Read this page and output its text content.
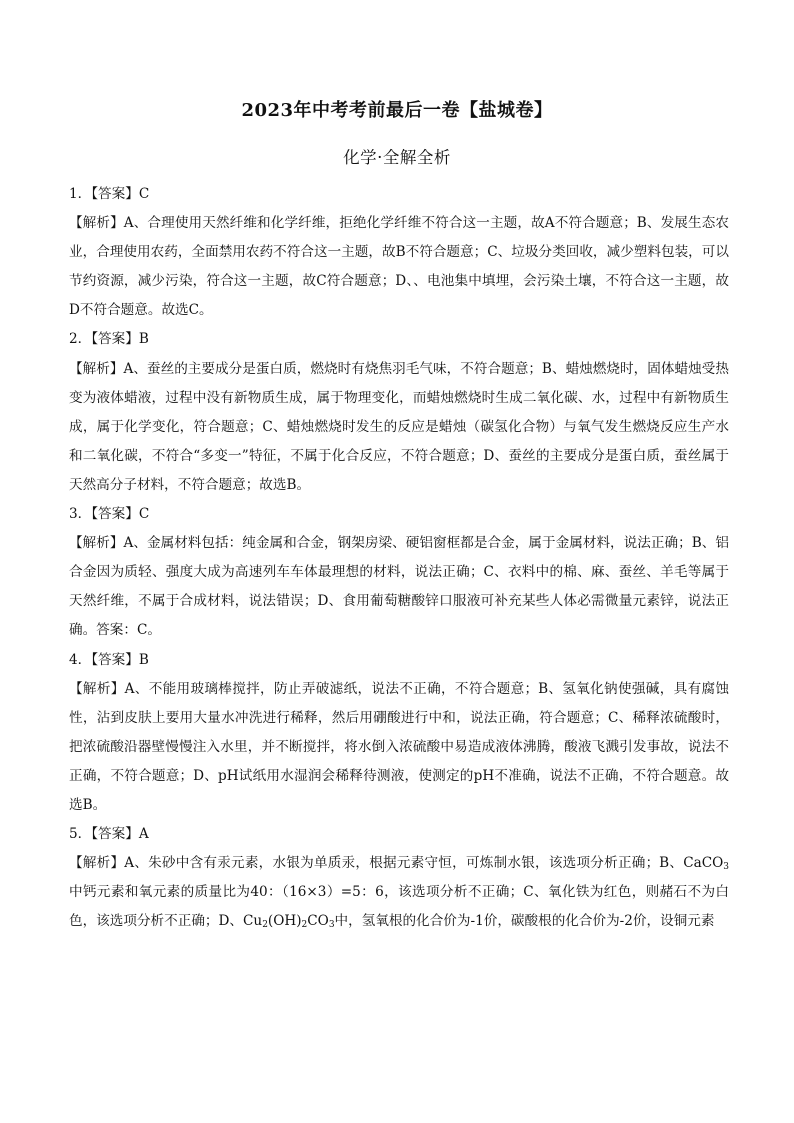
2023年中考考前最后一卷【盐城卷】
化学·全解全析

1．【答案】C

【解析】A、合理使用天然纤维和化学纤维，拒绝化学纤维不符合这一主题，故A不符合题意；B、发展生态农业，合理使用农药，全面禁用农药不符合这一主题，故B不符合题意；C、垃圾分类回收，减少塑料包装，可以节约资源，减少污染，符合这一主题，故C符合题意；D、、电池集中填埋，会污染土壤，不符合这一主题，故D不符合题意。故选C。

2．【答案】B

【解析】A、蚕丝的主要成分是蛋白质，燃烧时有烧焦羽毛气味，不符合题意；B、蜡烛燃烧时，固体蜡烛受热变为液体蜡液，过程中没有新物质生成，属于物理变化，而蜡烛燃烧时生成二氧化碳、水，过程中有新物质生成，属于化学变化，符合题意；C、蜡烛燃烧时发生的反应是蜡烛（碳氢化合物）与氧气发生燃烧反应生产水和二氧化碳，不符合“多变一”特征，不属于化合反应，不符合题意；D、蚕丝的主要成分是蛋白质，蚕丝属于天然高分子材料，不符合题意；故选B。

3．【答案】C

【解析】A、金属材料包括：纯金属和合金，钢架房梁、硬铝窗框都是合金，属于金属材料，说法正确；B、铝合金因为质轻、强度大成为高速列车车体最理想的材料，说法正确；C、衣料中的棉、麻、蚕丝、羊毛等属于天然纤维，不属于合成材料，说法错误；D、食用葡萄糖酸锌口服液可补充某些人体必需微量元素锌，说法正确。答案：C。

4．【答案】B

【解析】A、不能用玻璃棒搅拌，防止弄破滤纸，说法不正确，不符合题意；B、氢氧化钠使强碱，具有腐蚀性，沾到皮肤上要用大量水冲洗进行稀释，然后用硼酸进行中和，说法正确，符合题意；C、稀释浓硫酸时，把浓硫酸沿器壁慢慢注入水里，并不断搅拌，将水倒入浓硫酸中易造成液体沸腾，酸液飞溅引发事故，说法不正确，不符合题意；D、pH试纸用水湿润会稀释待测液，使测定的pH不准确，说法不正确，不符合题意。故选B。

5．【答案】A

【解析】A、朱砂中含有汞元素，水银为单质汞，根据元素守恒，可炼制水银，该选项分析正确；B、CaCO$_3$中钙元素和氧元素的质量比为40：（16×3）=5：6，该选项分析不正确；C、氧化铁为红色，则赭石不为白色，该选项分析不正确；D、$Cu_2(OH)_2CO_3$中，氢氧根的化合价为-1价，碳酸根的化合价为-2价，设铜元素
